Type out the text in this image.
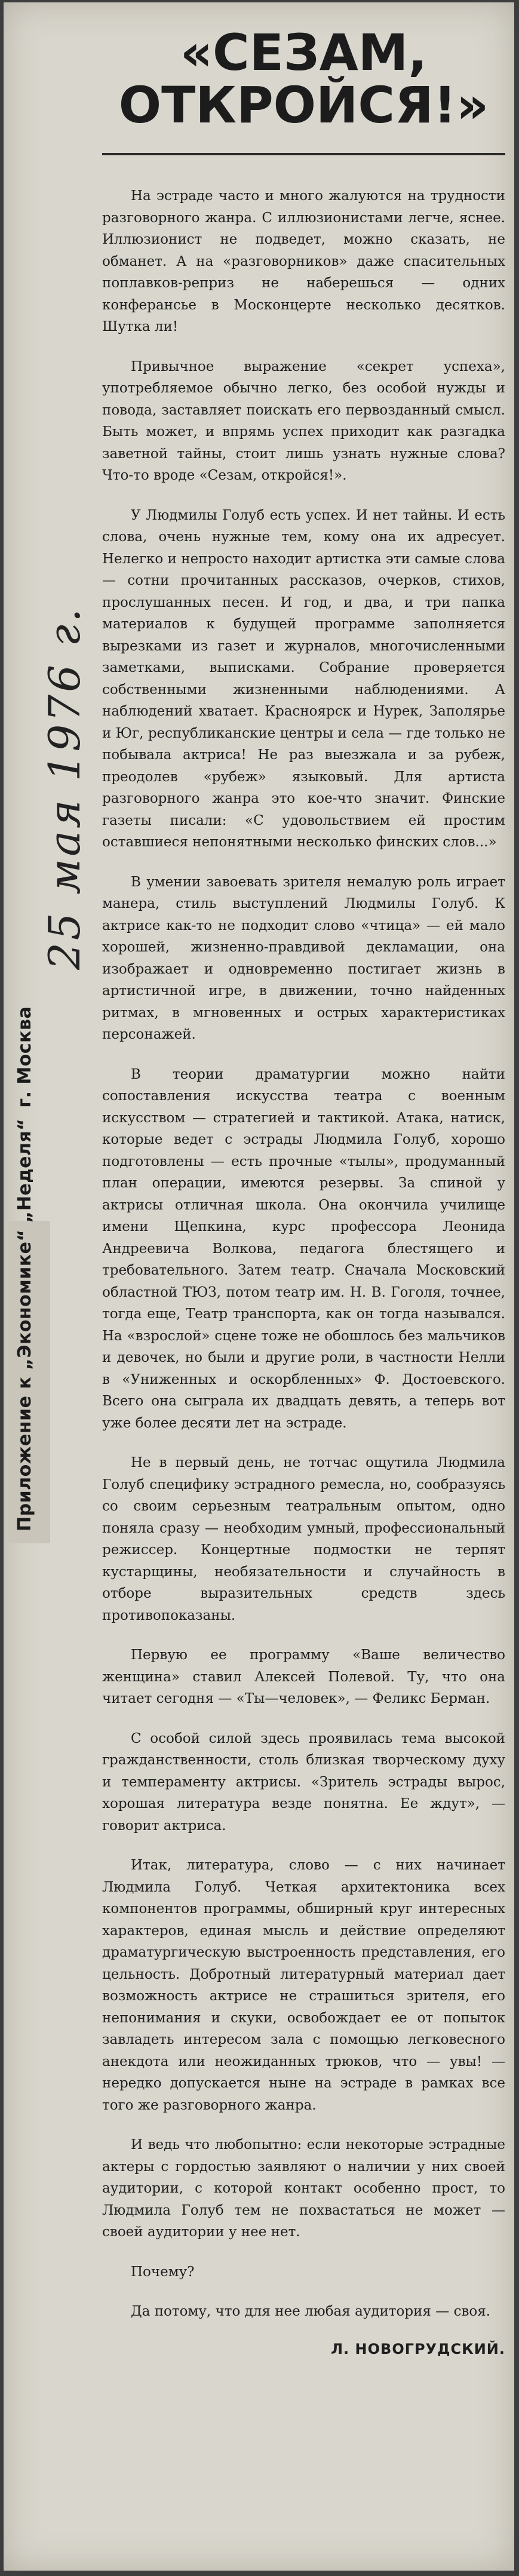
Приложение к „Экономике“ „Неделя“г. Москва
25 мая 1976 г.
«СЕЗАМ,
ОТКРОЙСЯ!»

На эстраде часто и много жалуются на трудности разговорного жанра. С иллюзионистами легче, яснее. Иллюзионист не подведет, можно сказать, не обманет. А на «разговорников» даже спасительных поплавков-реприз не наберешься — одних конферансье в Москонцерте несколько десятков. Шутка ли!

Привычное выражение «секрет успеха», употребляемое обычно легко, без особой нужды и повода, заставляет поискать его первозданный смысл. Быть может, и впрямь успех приходит как разгадка заветной тайны, стоит лишь узнать нужные слова? Что-то вроде «Сезам, откройся!».

У Людмилы Голуб есть успех. И нет тайны. И есть слова, очень нужные тем, кому она их адресует. Нелегко и непросто находит артистка эти самые слова — сотни прочитанных рассказов, очерков, стихов, прослушанных песен. И год, и два, и три папка материалов к будущей программе заполняется вырезками из газет и журналов, многочисленными заметками, выписками. Собрание проверяется собственными жизненными наблюдениями. А наблюдений хватает. Красноярск и Нурек, Заполярье и Юг, республиканские центры и села — где только не побывала актриса! Не раз выезжала и за рубеж, преодолев «рубеж» языковый. Для артиста разговорного жанра это кое-что значит. Финские газеты писали: «С удовольствием ей простим оставшиеся непонятными несколько финских слов...»

В умении завоевать зрителя немалую роль играет манера, стиль выступлений Людмилы Голуб. К актрисе как-то не подходит слово «чтица» — ей мало хорошей, жизненно-правдивой декламации, она изображает и одновременно постигает жизнь в артистичной игре, в движении, точно найденных ритмах, в мгновенных и острых характеристиках персонажей.

В теории драматургии можно найти сопоставления искусства театра с военным искусством — стратегией и тактикой. Атака, натиск, которые ведет с эстрады Людмила Голуб, хорошо подготовлены — есть прочные «тылы», продуманный план операции, имеются резервы. За спиной у актрисы отличная школа. Она окончила училище имени Щепкина, курс профессора Леонида Андреевича Волкова, педагога блестящего и требовательного. Затем театр. Сначала Московский областной ТЮЗ, потом театр им. Н. В. Гоголя, точнее, тогда еще, Театр транспорта, как он тогда назывался. На «взрослой» сцене тоже не обошлось без мальчиков и девочек, но были и другие роли, в частности Нелли в «Униженных и оскорбленных» Ф. Достоевского. Всего она сыграла их двадцать девять, а теперь вот уже более десяти лет на эстраде.

Не в первый день, не тотчас ощутила Людмила Голуб специфику эстрадного ремесла, но, сообразуясь со своим серьезным театральным опытом, одно поняла сразу — необходим умный, профессиональный режиссер. Концертные подмостки не терпят кустарщины, необязательности и случайность в отборе выразительных средств здесь противопоказаны.

Первую ее программу «Ваше величество женщина» ставил Алексей Полевой. Ту, что она читает сегодня — «Ты—человек», — Феликс Берман.

С особой силой здесь проявилась тема высокой гражданственности, столь близкая творческому духу и темпераменту актрисы. «Зритель эстрады вырос, хорошая литература везде понятна. Ее ждут», — говорит актриса.

Итак, литература, слово — с них начинает Людмила Голуб. Четкая архитектоника всех компонентов программы, обширный круг интересных характеров, единая мысль и действие определяют драматургическую выстроенность представления, его цельность. Добротный литературный материал дает возможность актрисе не страшиться зрителя, его непонимания и скуки, освобождает ее от попыток завладеть интересом зала с помощью легковесного анекдота или неожиданных трюков, что — увы! — нередко допускается ныне на эстраде в рамках все того же разговорного жанра.

И ведь что любопытно: если некоторые эстрадные актеры с гордостью заявляют о наличии у них своей аудитории, с которой контакт особенно прост, то Людмила Голуб тем не похвастаться не может — своей аудитории у нее нет.

Почему?

Да потому, что для нее любая аудитория — своя.

Л. НОВОГРУДСКИЙ.
